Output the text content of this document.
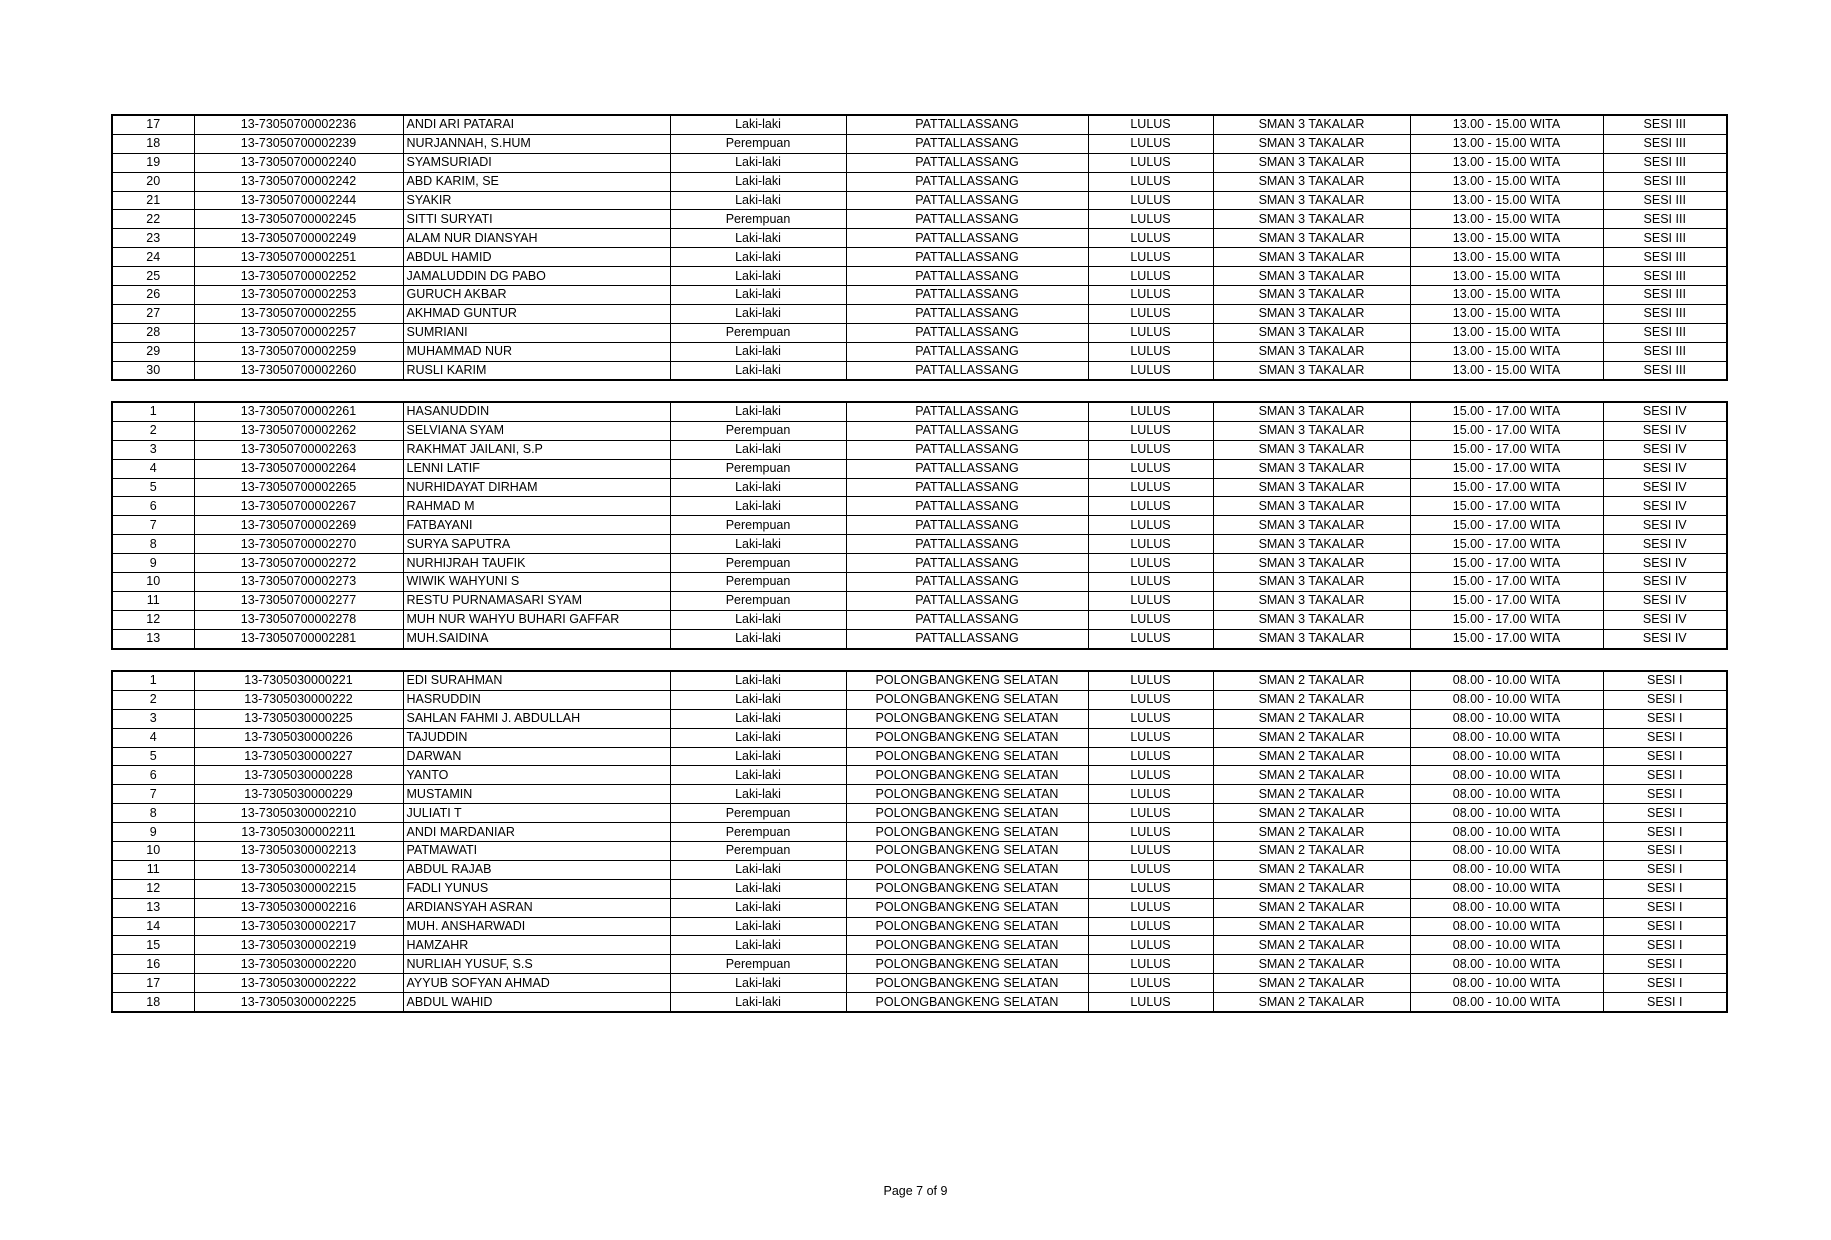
17	13-73050700002236	ANDI ARI PATARAI	Laki-laki	PATTALLASSANG	LULUS	SMAN 3 TAKALAR	13.00 - 15.00 WITA	SESI III
18	13-73050700002239	NURJANNAH, S.HUM	Perempuan	PATTALLASSANG	LULUS	SMAN 3 TAKALAR	13.00 - 15.00 WITA	SESI III
19	13-73050700002240	SYAMSURIADI	Laki-laki	PATTALLASSANG	LULUS	SMAN 3 TAKALAR	13.00 - 15.00 WITA	SESI III
20	13-73050700002242	ABD KARIM, SE	Laki-laki	PATTALLASSANG	LULUS	SMAN 3 TAKALAR	13.00 - 15.00 WITA	SESI III
21	13-73050700002244	SYAKIR	Laki-laki	PATTALLASSANG	LULUS	SMAN 3 TAKALAR	13.00 - 15.00 WITA	SESI III
22	13-73050700002245	SITTI SURYATI	Perempuan	PATTALLASSANG	LULUS	SMAN 3 TAKALAR	13.00 - 15.00 WITA	SESI III
23	13-73050700002249	ALAM NUR DIANSYAH	Laki-laki	PATTALLASSANG	LULUS	SMAN 3 TAKALAR	13.00 - 15.00 WITA	SESI III
24	13-73050700002251	ABDUL HAMID	Laki-laki	PATTALLASSANG	LULUS	SMAN 3 TAKALAR	13.00 - 15.00 WITA	SESI III
25	13-73050700002252	JAMALUDDIN DG PABO	Laki-laki	PATTALLASSANG	LULUS	SMAN 3 TAKALAR	13.00 - 15.00 WITA	SESI III
26	13-73050700002253	GURUCH AKBAR	Laki-laki	PATTALLASSANG	LULUS	SMAN 3 TAKALAR	13.00 - 15.00 WITA	SESI III
27	13-73050700002255	AKHMAD GUNTUR	Laki-laki	PATTALLASSANG	LULUS	SMAN 3 TAKALAR	13.00 - 15.00 WITA	SESI III
28	13-73050700002257	SUMRIANI	Perempuan	PATTALLASSANG	LULUS	SMAN 3 TAKALAR	13.00 - 15.00 WITA	SESI III
29	13-73050700002259	MUHAMMAD NUR	Laki-laki	PATTALLASSANG	LULUS	SMAN 3 TAKALAR	13.00 - 15.00 WITA	SESI III
30	13-73050700002260	RUSLI KARIM	Laki-laki	PATTALLASSANG	LULUS	SMAN 3 TAKALAR	13.00 - 15.00 WITA	SESI III
1	13-73050700002261	HASANUDDIN	Laki-laki	PATTALLASSANG	LULUS	SMAN 3 TAKALAR	15.00 - 17.00 WITA	SESI IV
2	13-73050700002262	SELVIANA SYAM	Perempuan	PATTALLASSANG	LULUS	SMAN 3 TAKALAR	15.00 - 17.00 WITA	SESI IV
3	13-73050700002263	RAKHMAT JAILANI, S.P	Laki-laki	PATTALLASSANG	LULUS	SMAN 3 TAKALAR	15.00 - 17.00 WITA	SESI IV
4	13-73050700002264	LENNI LATIF	Perempuan	PATTALLASSANG	LULUS	SMAN 3 TAKALAR	15.00 - 17.00 WITA	SESI IV
5	13-73050700002265	NURHIDAYAT DIRHAM	Laki-laki	PATTALLASSANG	LULUS	SMAN 3 TAKALAR	15.00 - 17.00 WITA	SESI IV
6	13-73050700002267	RAHMAD M	Laki-laki	PATTALLASSANG	LULUS	SMAN 3 TAKALAR	15.00 - 17.00 WITA	SESI IV
7	13-73050700002269	FATBAYANI	Perempuan	PATTALLASSANG	LULUS	SMAN 3 TAKALAR	15.00 - 17.00 WITA	SESI IV
8	13-73050700002270	SURYA SAPUTRA	Laki-laki	PATTALLASSANG	LULUS	SMAN 3 TAKALAR	15.00 - 17.00 WITA	SESI IV
9	13-73050700002272	NURHIJRAH TAUFIK	Perempuan	PATTALLASSANG	LULUS	SMAN 3 TAKALAR	15.00 - 17.00 WITA	SESI IV
10	13-73050700002273	WIWIK WAHYUNI S	Perempuan	PATTALLASSANG	LULUS	SMAN 3 TAKALAR	15.00 - 17.00 WITA	SESI IV
11	13-73050700002277	RESTU PURNAMASARI SYAM	Perempuan	PATTALLASSANG	LULUS	SMAN 3 TAKALAR	15.00 - 17.00 WITA	SESI IV
12	13-73050700002278	MUH NUR WAHYU BUHARI GAFFAR	Laki-laki	PATTALLASSANG	LULUS	SMAN 3 TAKALAR	15.00 - 17.00 WITA	SESI IV
13	13-73050700002281	MUH.SAIDINA	Laki-laki	PATTALLASSANG	LULUS	SMAN 3 TAKALAR	15.00 - 17.00 WITA	SESI IV
1	13-7305030000221	EDI SURAHMAN	Laki-laki	POLONGBANGKENG SELATAN	LULUS	SMAN 2 TAKALAR	08.00 - 10.00 WITA	SESI I
2	13-7305030000222	HASRUDDIN	Laki-laki	POLONGBANGKENG SELATAN	LULUS	SMAN 2 TAKALAR	08.00 - 10.00 WITA	SESI I
3	13-7305030000225	SAHLAN FAHMI J. ABDULLAH	Laki-laki	POLONGBANGKENG SELATAN	LULUS	SMAN 2 TAKALAR	08.00 - 10.00 WITA	SESI I
4	13-7305030000226	TAJUDDIN	Laki-laki	POLONGBANGKENG SELATAN	LULUS	SMAN 2 TAKALAR	08.00 - 10.00 WITA	SESI I
5	13-7305030000227	DARWAN	Laki-laki	POLONGBANGKENG SELATAN	LULUS	SMAN 2 TAKALAR	08.00 - 10.00 WITA	SESI I
6	13-7305030000228	YANTO	Laki-laki	POLONGBANGKENG SELATAN	LULUS	SMAN 2 TAKALAR	08.00 - 10.00 WITA	SESI I
7	13-7305030000229	MUSTAMIN	Laki-laki	POLONGBANGKENG SELATAN	LULUS	SMAN 2 TAKALAR	08.00 - 10.00 WITA	SESI I
8	13-73050300002210	JULIATI T	Perempuan	POLONGBANGKENG SELATAN	LULUS	SMAN 2 TAKALAR	08.00 - 10.00 WITA	SESI I
9	13-73050300002211	ANDI MARDANIAR	Perempuan	POLONGBANGKENG SELATAN	LULUS	SMAN 2 TAKALAR	08.00 - 10.00 WITA	SESI I
10	13-73050300002213	PATMAWATI	Perempuan	POLONGBANGKENG SELATAN	LULUS	SMAN 2 TAKALAR	08.00 - 10.00 WITA	SESI I
11	13-73050300002214	ABDUL RAJAB	Laki-laki	POLONGBANGKENG SELATAN	LULUS	SMAN 2 TAKALAR	08.00 - 10.00 WITA	SESI I
12	13-73050300002215	FADLI YUNUS	Laki-laki	POLONGBANGKENG SELATAN	LULUS	SMAN 2 TAKALAR	08.00 - 10.00 WITA	SESI I
13	13-73050300002216	ARDIANSYAH ASRAN	Laki-laki	POLONGBANGKENG SELATAN	LULUS	SMAN 2 TAKALAR	08.00 - 10.00 WITA	SESI I
14	13-73050300002217	MUH. ANSHARWADI	Laki-laki	POLONGBANGKENG SELATAN	LULUS	SMAN 2 TAKALAR	08.00 - 10.00 WITA	SESI I
15	13-73050300002219	HAMZAHR	Laki-laki	POLONGBANGKENG SELATAN	LULUS	SMAN 2 TAKALAR	08.00 - 10.00 WITA	SESI I
16	13-73050300002220	NURLIAH YUSUF, S.S	Perempuan	POLONGBANGKENG SELATAN	LULUS	SMAN 2 TAKALAR	08.00 - 10.00 WITA	SESI I
17	13-73050300002222	AYYUB SOFYAN AHMAD	Laki-laki	POLONGBANGKENG SELATAN	LULUS	SMAN 2 TAKALAR	08.00 - 10.00 WITA	SESI I
18	13-73050300002225	ABDUL WAHID	Laki-laki	POLONGBANGKENG SELATAN	LULUS	SMAN 2 TAKALAR	08.00 - 10.00 WITA	SESI I
Page 7 of 9
